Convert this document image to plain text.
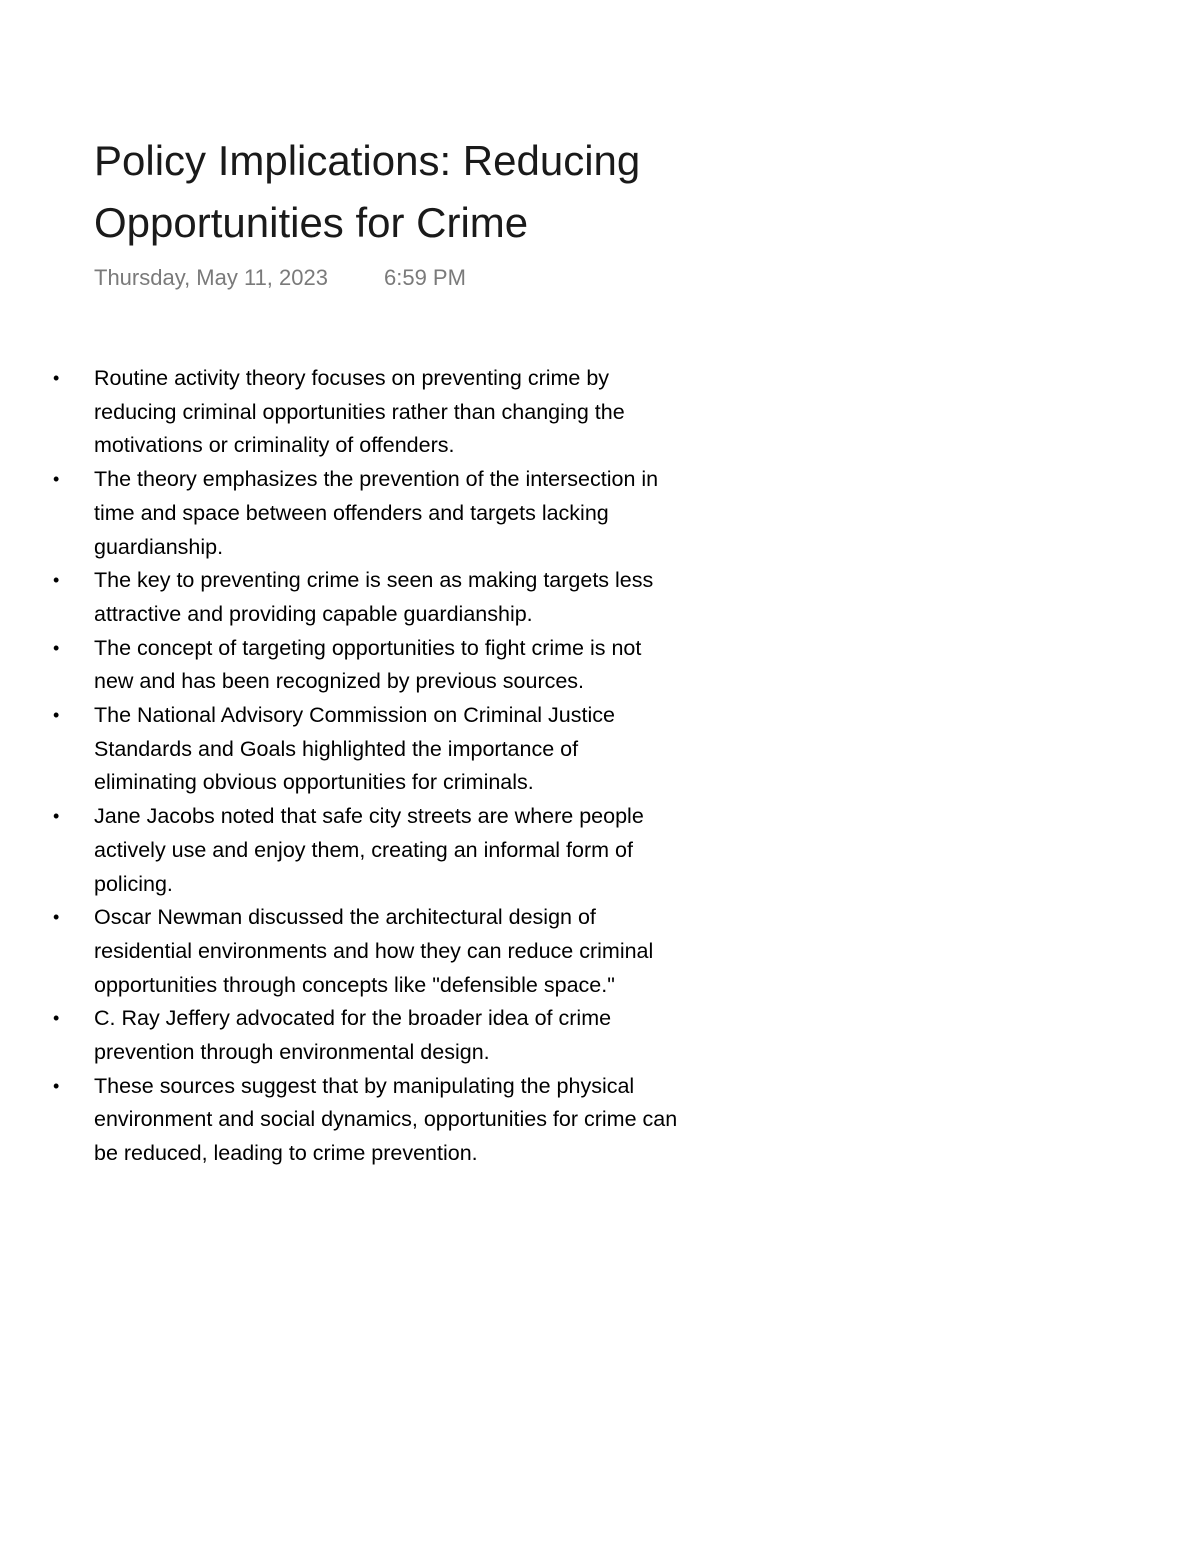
Policy Implications: Reducing Opportunities for Crime
Thursday, May 11, 2023	6:59 PM
• Routine activity theory focuses on preventing crime by reducing criminal opportunities rather than changing the motivations or criminality of offenders.
• The theory emphasizes the prevention of the intersection in time and space between offenders and targets lacking guardianship.
• The key to preventing crime is seen as making targets less attractive and providing capable guardianship.
• The concept of targeting opportunities to fight crime is not new and has been recognized by previous sources.
• The National Advisory Commission on Criminal Justice Standards and Goals highlighted the importance of eliminating obvious opportunities for criminals.
• Jane Jacobs noted that safe city streets are where people actively use and enjoy them, creating an informal form of policing.
• Oscar Newman discussed the architectural design of residential environments and how they can reduce criminal opportunities through concepts like "defensible space."
• C. Ray Jeffery advocated for the broader idea of crime prevention through environmental design.
• These sources suggest that by manipulating the physical environment and social dynamics, opportunities for crime can be reduced, leading to crime prevention.
